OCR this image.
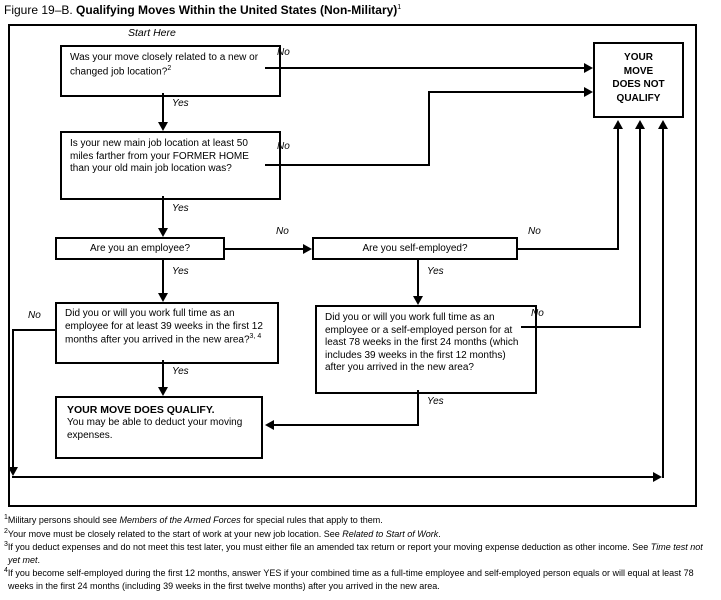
Figure 19–B. Qualifying Moves Within the United States (Non-Military)$^1$
Start Here
Was your move closely related to a new or changed job location?$^2$
No
Yes
Is your new main job location at least 50 miles farther from your FORMER HOME than your old main job location was?
No
Yes
Are you an employee?
No
Yes
Are you self-employed?
No
Yes
Did you or will you work full time as an employee for at least 39 weeks in the first 12 months after you arrived in the new area?$^{3, 4}$
No
Yes
Did you or will you work full time as an employee or a self-employed person for at least 78 weeks in the first 24 months (which includes 39 weeks in the first 12 months) after you arrived in the new area?
No
Yes
YOUR
MOVE
DOES NOT
QUALIFY
YOUR MOVE DOES QUALIFY.
You may be able to deduct your moving expenses.
$^1$Military persons should see Members of the Armed Forces for special rules that apply to them.
$^2$Your move must be closely related to the start of work at your new job location. See Related to Start of Work.
$^3$If you deduct expenses and do not meet this test later, you must either file an amended tax return or report your moving expense deduction as other income. See Time test not yet met.
$^4$If you become self-employed during the first 12 months, answer YES if your combined time as a full-time employee and self-employed person equals or will equal at least 78 weeks in the first 24 months (including 39 weeks in the first twelve months) after you arrived in the new area.
